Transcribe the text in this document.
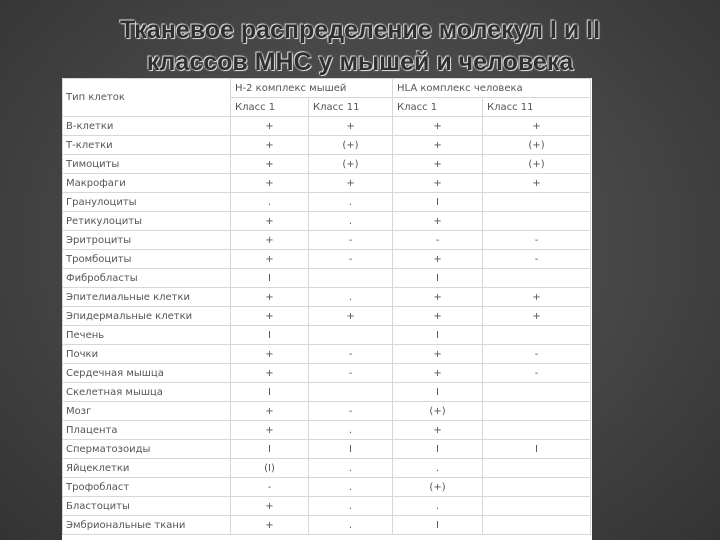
Тканевое распределение молекул I и II
классов МНС у мышей и человека
Тип клеток	H-2 комплекс мышей		HLA комплекс человека	
	Класс 1	Класс 11	Класс 1	Класс 11
В-клетки	+	+	+	+
Т-клетки	+	(+)	+	(+)
Тимоциты	+	(+)	+	(+)
Макрофаги	+	+	+	+
Гранулоциты	.	.	I	
Ретикулоциты	+	.	+	
Эритроциты	+	-	-	-
Тромбоциты	+	-	+	-
Фибробласты	I		I	
Эпителиальные клетки	+	.	+	+
Эпидермальные клетки	+	+	+	+
Печень	I		I	
Почки	+	-	+	-
Сердечная мышца	+	-	+	-
Скелетная мышца	I		I	
Мозг	+	-	(+)	
Плацента	+	.	+	
Сперматозоиды	I	I	I	I
Яйцеклетки	(I)	.	.	
Трофобласт	-	.	(+)	
Бластоциты	+	.	.	
Эмбриональные ткани	+	.	I	
